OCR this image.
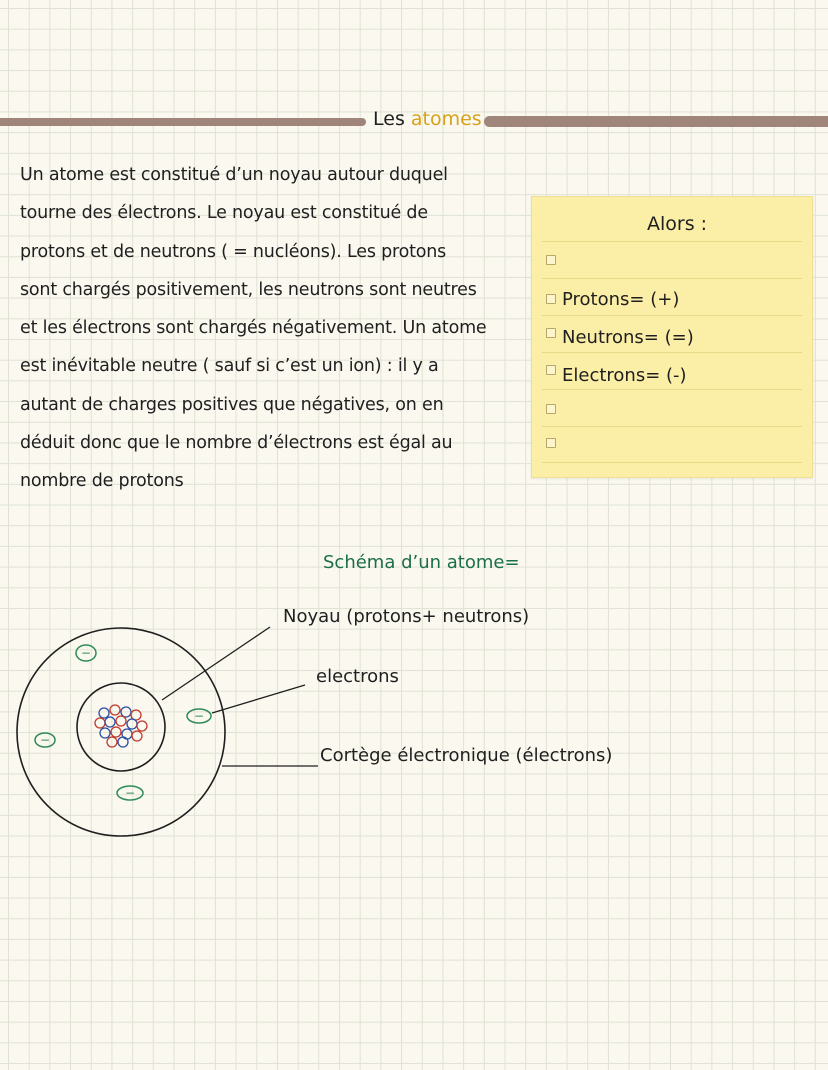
Les atomes
Un atome est constitué d’un noyau autour duquel
tourne des électrons. Le noyau est constitué de
protons et de neutrons ( = nucléons). Les protons
sont chargés positivement, les neutrons sont neutres
et les électrons sont chargés négativement. Un atome
est inévitable neutre ( sauf si c’est un ion) : il y a
autant de charges positives que négatives, on en
déduit donc que le nombre d’électrons est égal au
nombre de protons
Alors :
Protons= (+)
Neutrons= (=)
Electrons= (-)
Schéma d’un atome=
Noyau (protons+ neutrons)
electrons
Cortège électronique (électrons)
−
−
−
−
